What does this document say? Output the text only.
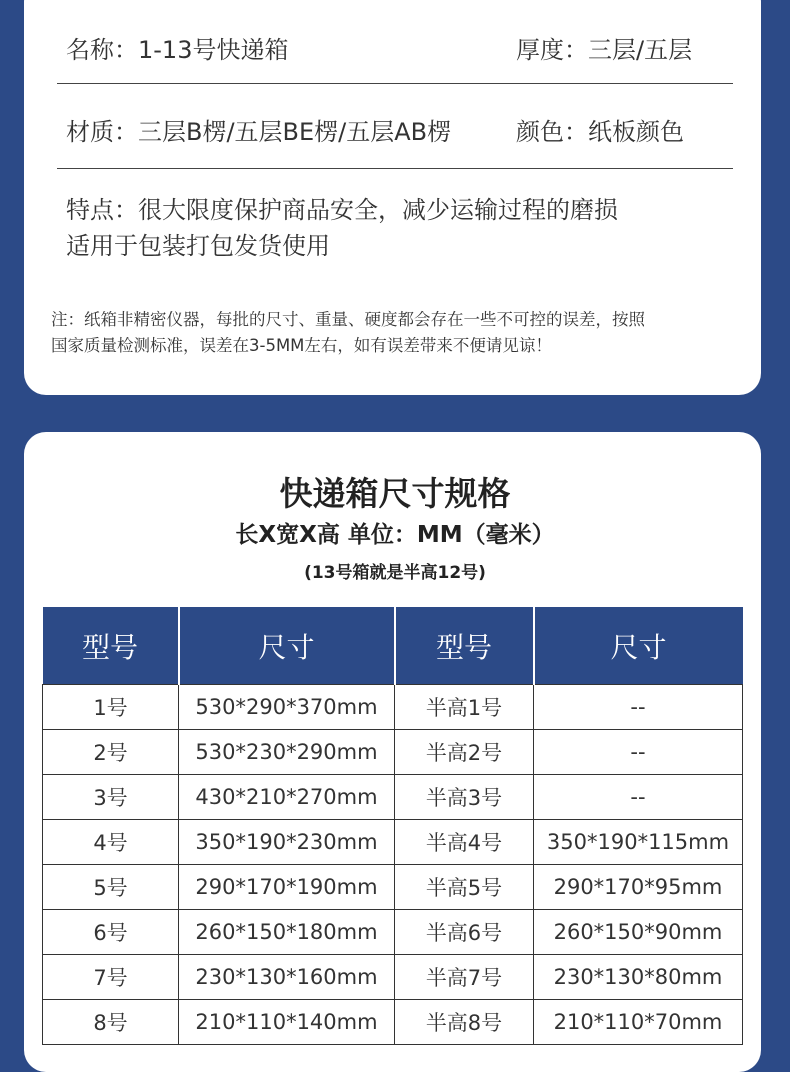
名称：1-13号快递箱	厚度：三层/五层
材质：三层B楞/五层BE楞/五层AB楞	颜色：纸板颜色
特点：很大限度保护商品安全，减少运输过程的磨损
适用于包装打包发货使用
注：纸箱非精密仪器，每批的尺寸、重量、硬度都会存在一些不可控的误差，按照
国家质量检测标准，误差在3-5MM左右，如有误差带来不便请见谅！
快递箱尺寸规格
长X宽X高 单位：MM（毫米）
(13号箱就是半高12号)
型号	尺寸	型号	尺寸
1号	530*290*370mm	半高1号	--
2号	530*230*290mm	半高2号	--
3号	430*210*270mm	半高3号	--
4号	350*190*230mm	半高4号	350*190*115mm
5号	290*170*190mm	半高5号	290*170*95mm
6号	260*150*180mm	半高6号	260*150*90mm
7号	230*130*160mm	半高7号	230*130*80mm
8号	210*110*140mm	半高8号	210*110*70mm
